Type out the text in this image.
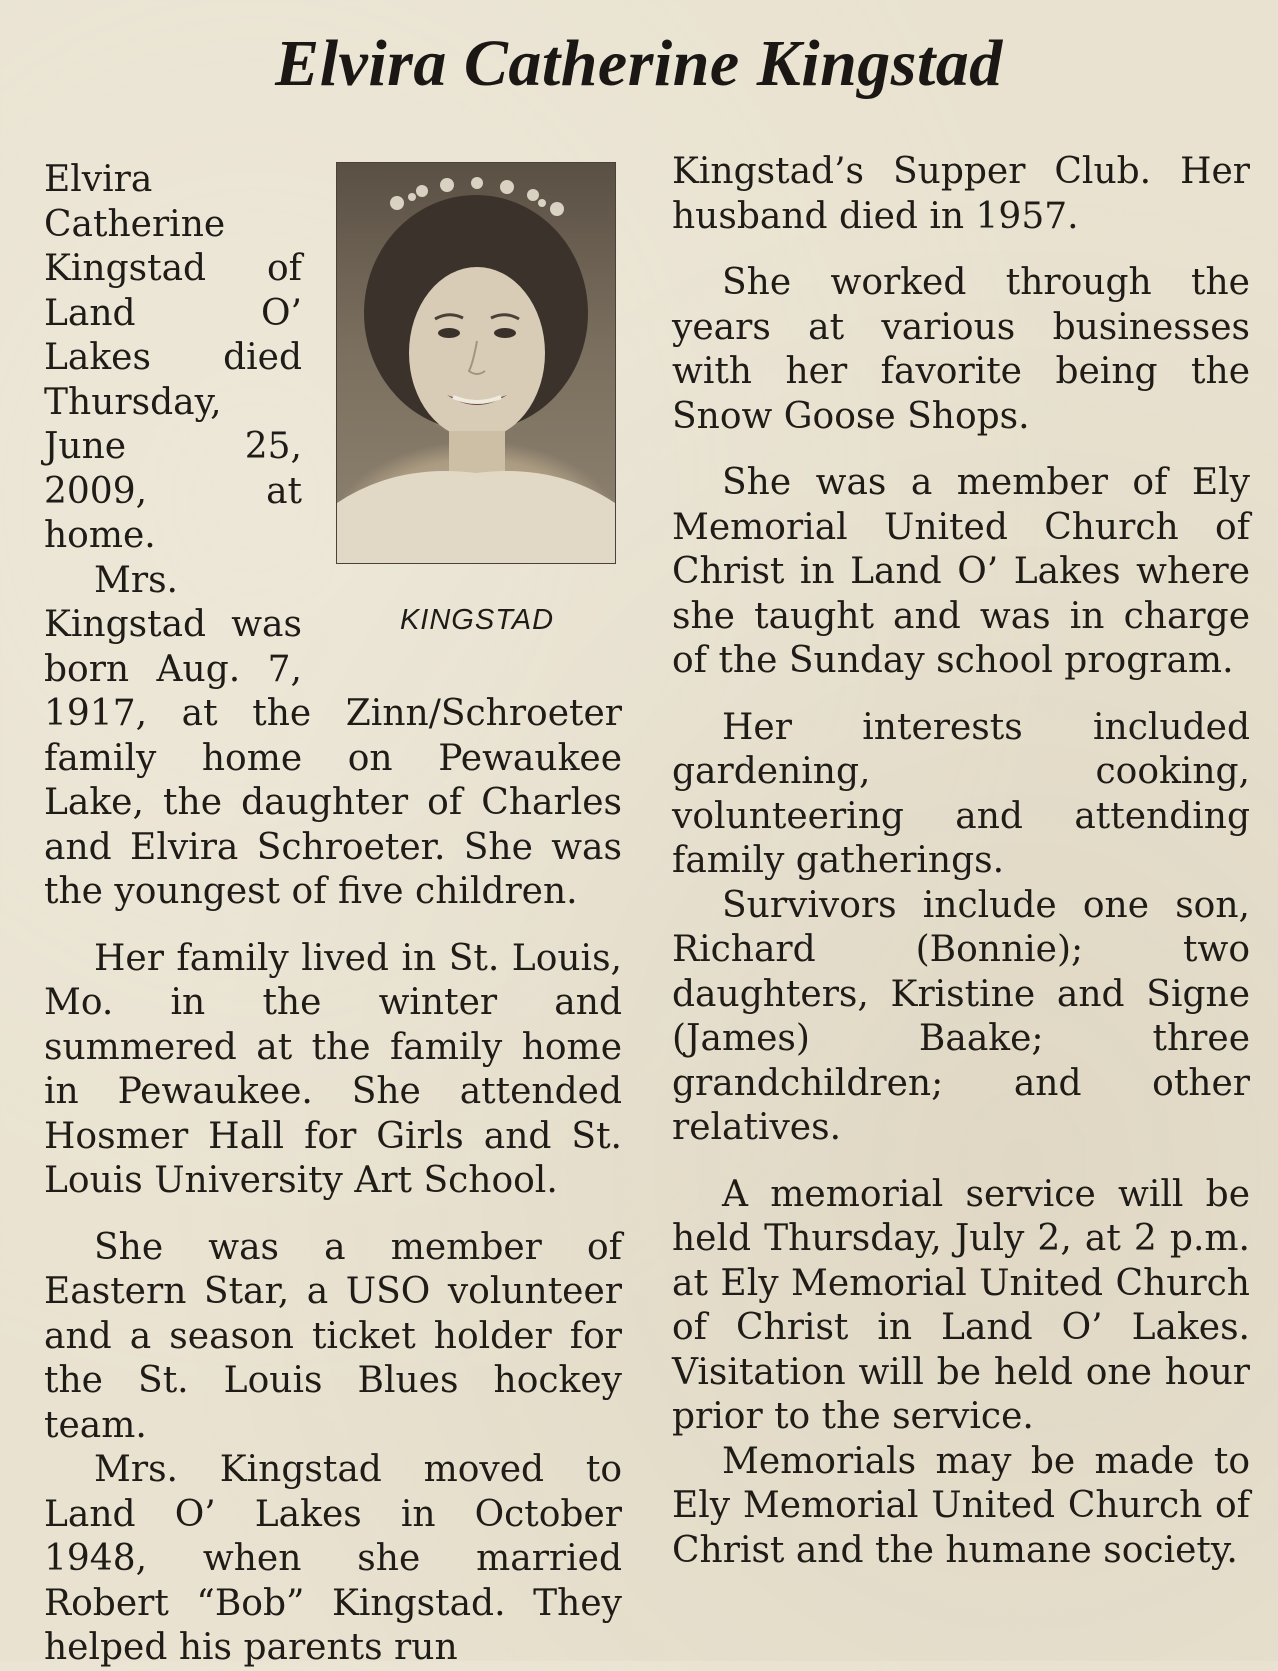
Elvira Catherine Kingstad
KINGSTAD

Elvira Catherine Kingstad of Land O’ Lakes died Thursday, June 25, 2009, at home.

Mrs. Kingstad was born Aug. 7, 1917, at the Zinn/Schroeter family home on Pewaukee Lake, the daughter of Charles and Elvira Schroeter. She was the youngest of five children.

Her family lived in St. Louis, Mo. in the winter and summered at the family home in Pewaukee. She attended Hosmer Hall for Girls and St. Louis University Art School.

She was a member of Eastern Star, a USO volunteer and a season ticket holder for the St. Louis Blues hockey team.

Mrs. Kingstad moved to Land O’ Lakes in October 1948, when she married Robert “Bob” Kingstad. They helped his parents run

Kingstad’s Supper Club. Her husband died in 1957.

She worked through the years at various businesses with her favorite being the Snow Goose Shops.

She was a member of Ely Memorial United Church of Christ in Land O’ Lakes where she taught and was in charge of the Sunday school program.

Her interests included gardening, cooking, volunteering and attending family gatherings.

Survivors include one son, Richard (Bonnie); two daughters, Kristine and Signe (James) Baake; three grandchildren; and other relatives.

A memorial service will be held Thursday, July 2, at 2 p.m. at Ely Memorial United Church of Christ in Land O’ Lakes. Visitation will be held one hour prior to the service.

Memorials may be made to Ely Memorial United Church of Christ and the humane society.
